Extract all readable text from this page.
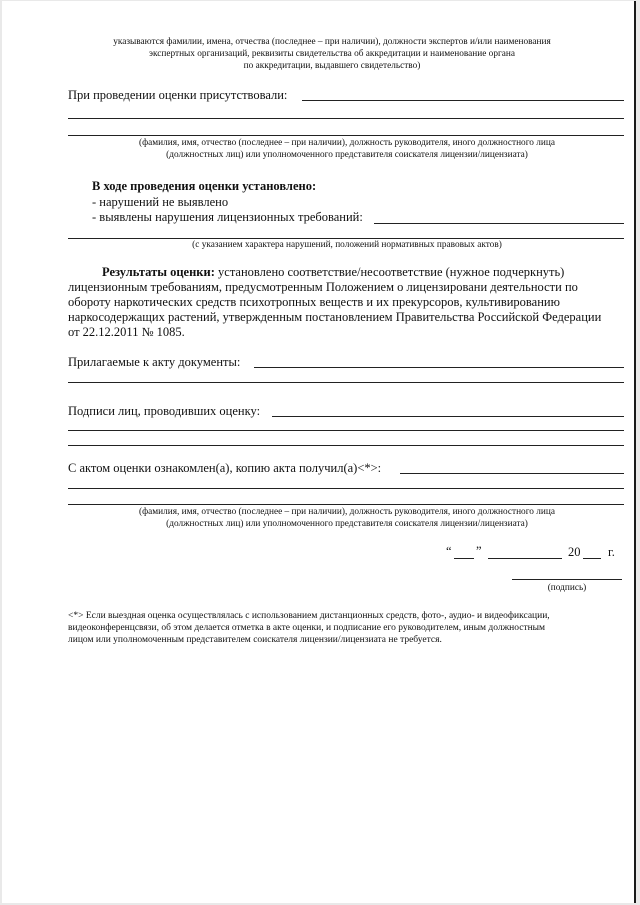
указываются фамилии, имена, отчества (последнее – при наличии), должности экспертов и/или наименования
экспертных организаций, реквизиты свидетельства об аккредитации и наименование органа
по аккредитации, выдавшего свидетельство)
При проведении оценки присутствовали:
(фамилия, имя, отчество (последнее – при наличии), должность руководителя, иного должностного лица
(должностных лиц) или уполномоченного представителя соискателя лицензии/лицензиата)
В ходе проведения оценки установлено:
- нарушений не выявлено
- выявлены нарушения лицензионных требований:
(с указанием характера нарушений, положений нормативных правовых актов)
Результаты оценки: установлено соответствие/несоответствие (нужное подчеркнуть)
лицензионным требованиям, предусмотренным Положением о лицензировани деятельности по
обороту наркотических средств психотропных веществ и их прекурсоров, культивированию
наркосодержащих растений, утвержденным постановлением Правительства Российской Федерации
от 22.12.2011 № 1085.
Прилагаемые к акту документы:
Подписи лиц, проводивших оценку:
С актом оценки ознакомлен(а), копию акта получил(а)<*>:
(фамилия, имя, отчество (последнее – при наличии), должность руководителя, иного должностного лица
(должностных лиц) или уполномоченного представителя соискателя лицензии/лицензиата)
“ ”	20 г.
(подпись)
<*> Если выездная оценка осуществлялась с использованием дистанционных средств, фото-, аудио- и видеофиксации,
видеоконференцсвязи, об этом делается отметка в акте оценки, и подписание его руководителем, иным должностным
лицом или уполномоченным представителем соискателя лицензии/лицензиата не требуется.
